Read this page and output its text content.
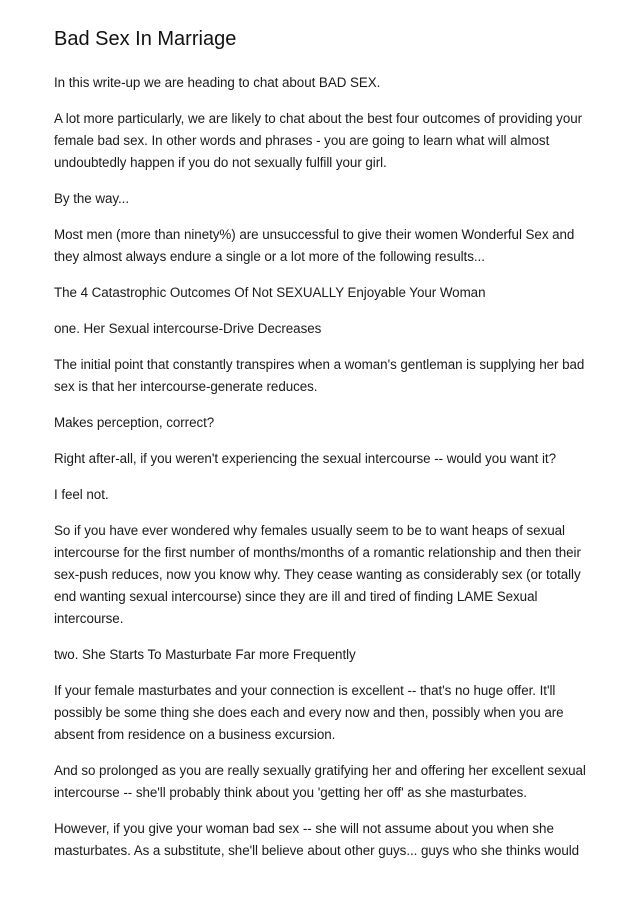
Bad Sex In Marriage

In this write-up we are heading to chat about BAD SEX.

A lot more particularly, we are likely to chat about the best four outcomes of providing your female bad sex. In other words and phrases - you are going to learn what will almost undoubtedly happen if you do not sexually fulfill your girl.

By the way...

Most men (more than ninety%) are unsuccessful to give their women Wonderful Sex and they almost always endure a single or a lot more of the following results...

The 4 Catastrophic Outcomes Of Not SEXUALLY Enjoyable Your Woman

one. Her Sexual intercourse-Drive Decreases

The initial point that constantly transpires when a woman's gentleman is supplying her bad sex is that her intercourse-generate reduces.

Makes perception, correct?

Right after-all, if you weren't experiencing the sexual intercourse -- would you want it?

I feel not.

So if you have ever wondered why females usually seem to be to want heaps of sexual intercourse for the first number of months/months of a romantic relationship and then their sex-push reduces, now you know why. They cease wanting as considerably sex (or totally end wanting sexual intercourse) since they are ill and tired of finding LAME Sexual intercourse.

two. She Starts To Masturbate Far more Frequently

If your female masturbates and your connection is excellent -- that's no huge offer. It'll possibly be some thing she does each and every now and then, possibly when you are absent from residence on a business excursion.

And so prolonged as you are really sexually gratifying her and offering her excellent sexual intercourse -- she'll probably think about you 'getting her off' as she masturbates.

However, if you give your woman bad sex -- she will not assume about you when she masturbates. As a substitute, she'll believe about other guys... guys who she thinks would
